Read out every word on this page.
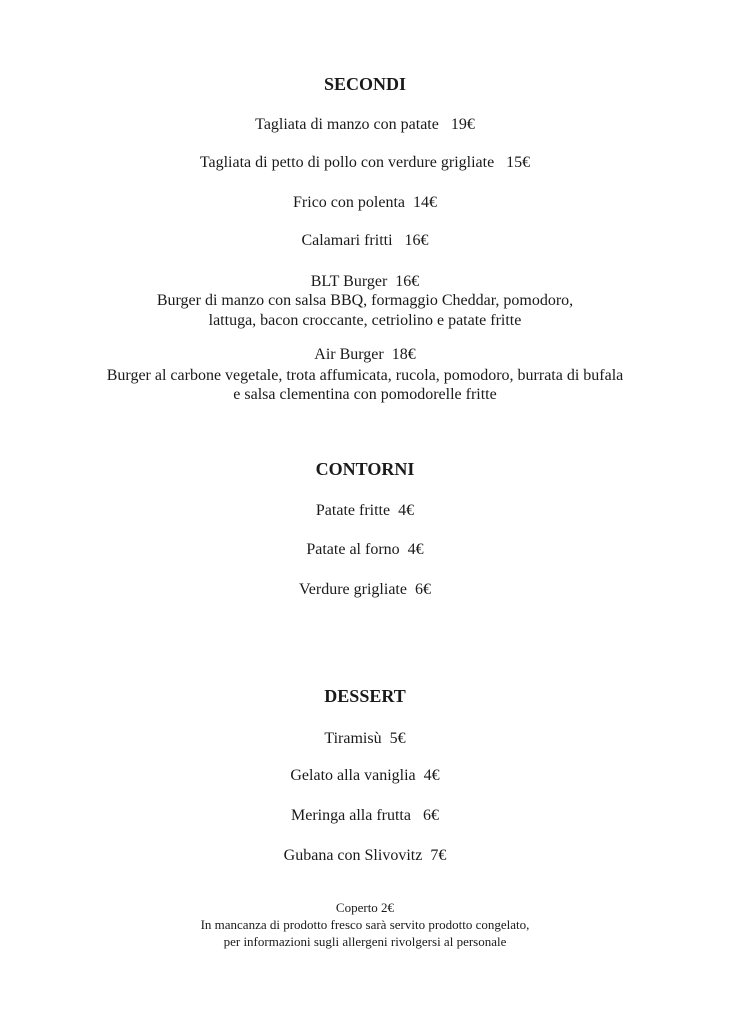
SECONDI
Tagliata di manzo con patate   19€
Tagliata di petto di pollo con verdure grigliate   15€
Frico con polenta  14€
Calamari fritti   16€
BLT Burger  16€
Burger di manzo con salsa BBQ, formaggio Cheddar, pomodoro,
lattuga, bacon croccante, cetriolino e patate fritte
Air Burger  18€
Burger al carbone vegetale, trota affumicata, rucola, pomodoro, burrata di bufala
e salsa clementina con pomodorelle fritte
CONTORNI
Patate fritte  4€
Patate al forno  4€
Verdure grigliate  6€
DESSERT
Tiramisù  5€
Gelato alla vaniglia  4€
Meringa alla frutta   6€
Gubana con Slivovitz  7€
Coperto 2€
In mancanza di prodotto fresco sarà servito prodotto congelato,
per informazioni sugli allergeni rivolgersi al personale
